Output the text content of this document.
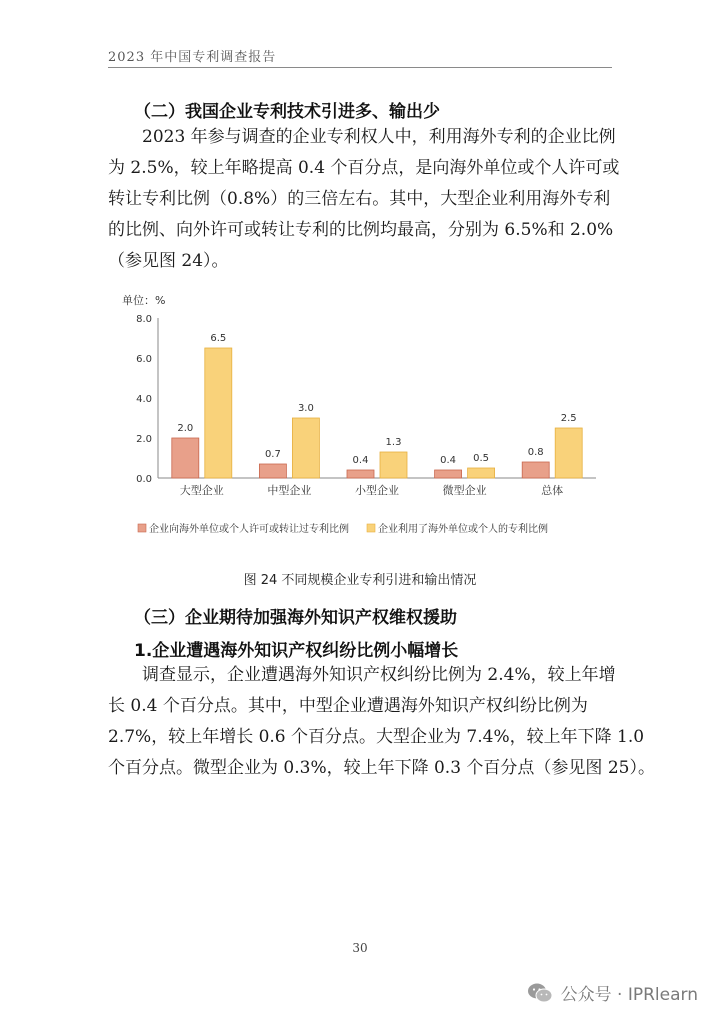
2023 年中国专利调查报告
（二）我国企业专利技术引进多、输出少
2023 年参与调查的企业专利权人中，利用海外专利的企业比例
为 2.5%，较上年略提高 0.4 个百分点，是向海外单位或个人许可或
转让专利比例（0.8%）的三倍左右。其中，大型企业利用海外专利
的比例、向外许可或转让专利的比例均最高，分别为 6.5%和 2.0%
（参见图 24）。
单位：%
0.0
2.0
4.0
6.0
8.0
2.0
6.5
大型企业
0.7
3.0
中型企业
0.4
1.3
小型企业
0.4 0.5
微型企业
0.8
2.5
总体
企业向海外单位或个人许可或转让过专利比例	企业利用了海外单位或个人的专利比例
图 24 不同规模企业专利引进和输出情况
（三）企业期待加强海外知识产权维权援助
1.企业遭遇海外知识产权纠纷比例小幅增长
调查显示，企业遭遇海外知识产权纠纷比例为 2.4%，较上年增
长 0.4 个百分点。其中，中型企业遭遇海外知识产权纠纷比例为
2.7%，较上年增长 0.6 个百分点。大型企业为 7.4%，较上年下降 1.0
个百分点。微型企业为 0.3%，较上年下降 0.3 个百分点（参见图 25）。
30
公众号 · IPRlearn
